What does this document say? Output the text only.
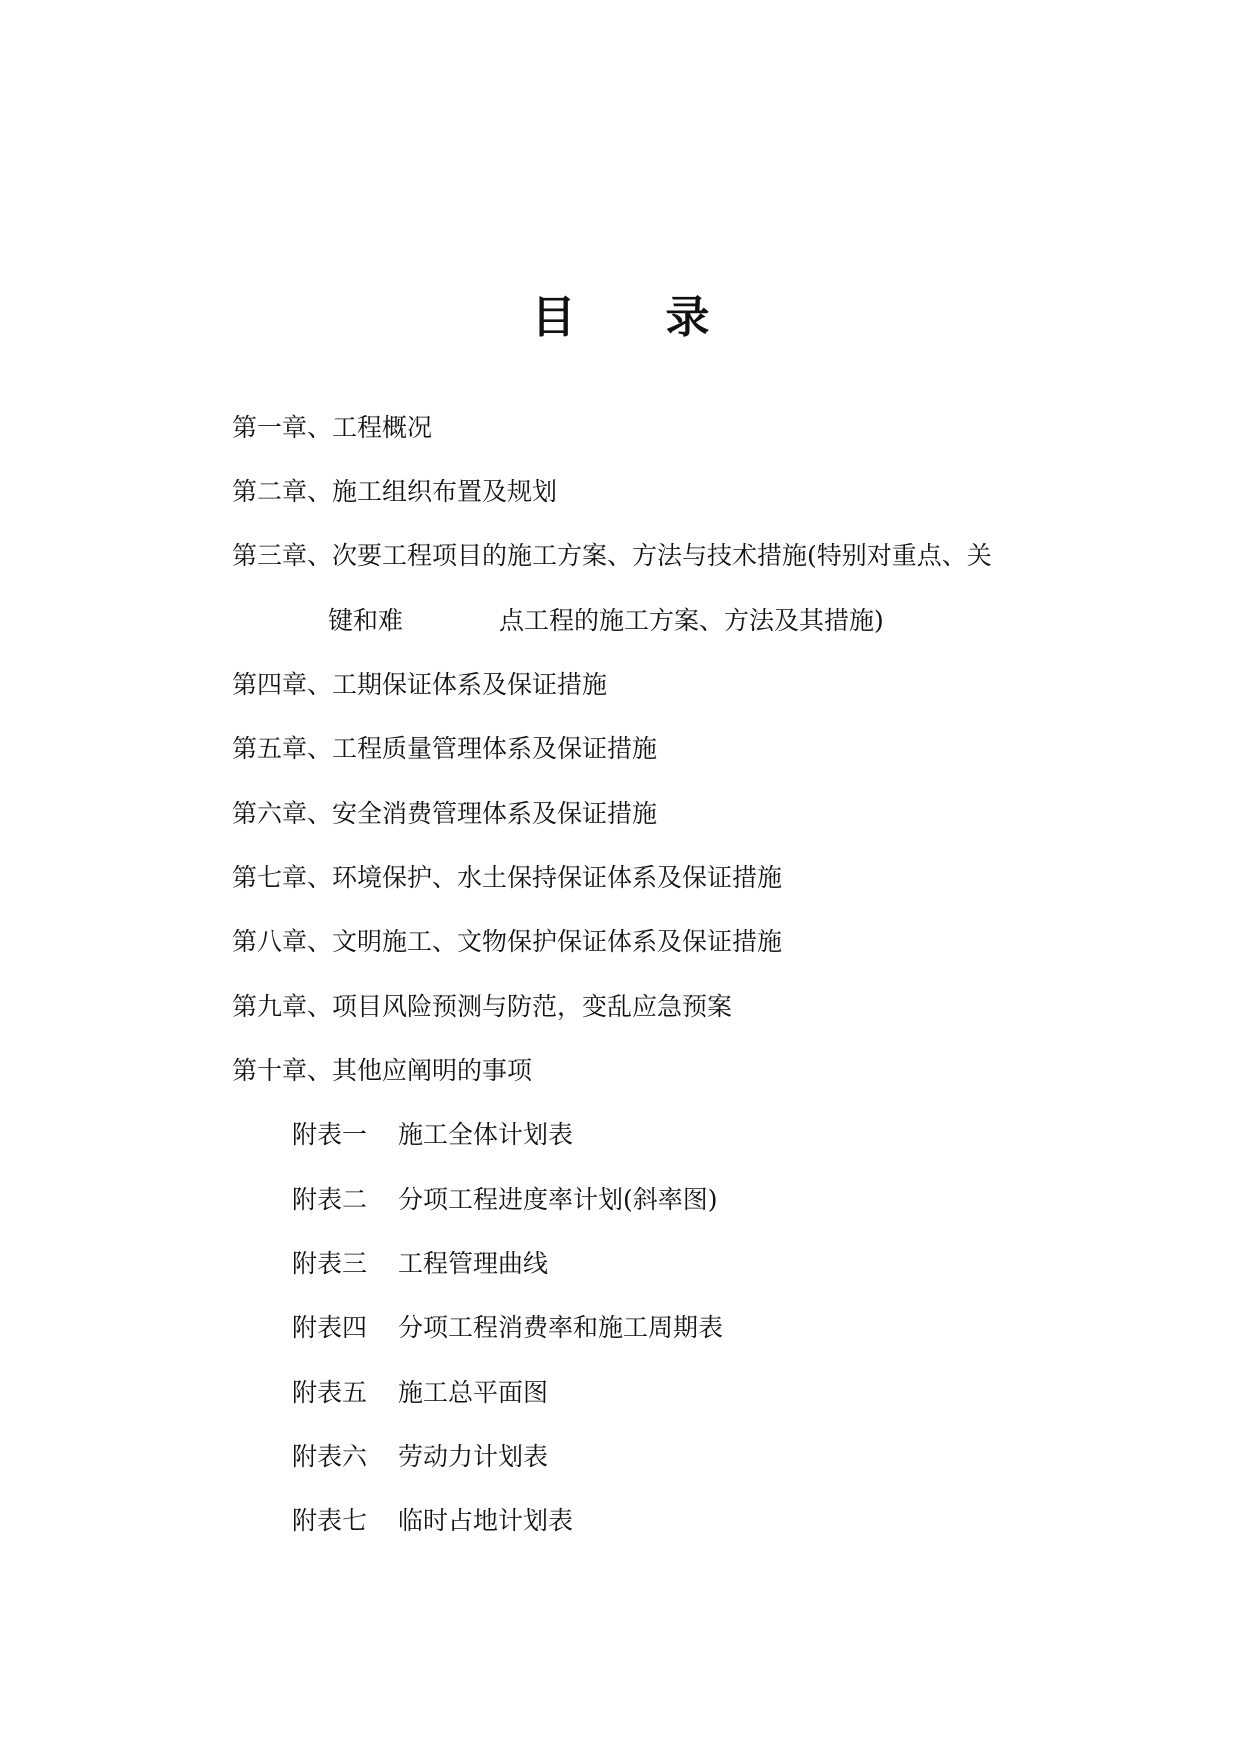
目 录
第一章、工程概况
第二章、施工组织布置及规划
第三章、次要工程项目的施工方案、方法与技术措施(特别对重点、关
键和难	点工程的施工方案、方法及其措施)
第四章、工期保证体系及保证措施
第五章、工程质量管理体系及保证措施
第六章、安全消费管理体系及保证措施
第七章、环境保护、水土保持保证体系及保证措施
第八章、文明施工、文物保护保证体系及保证措施
第九章、项目风险预测与防范，变乱应急预案
第十章、其他应阐明的事项
附表一 施工全体计划表
附表二 分项工程进度率计划(斜率图)
附表三 工程管理曲线
附表四 分项工程消费率和施工周期表
附表五 施工总平面图
附表六 劳动力计划表
附表七 临时占地计划表
